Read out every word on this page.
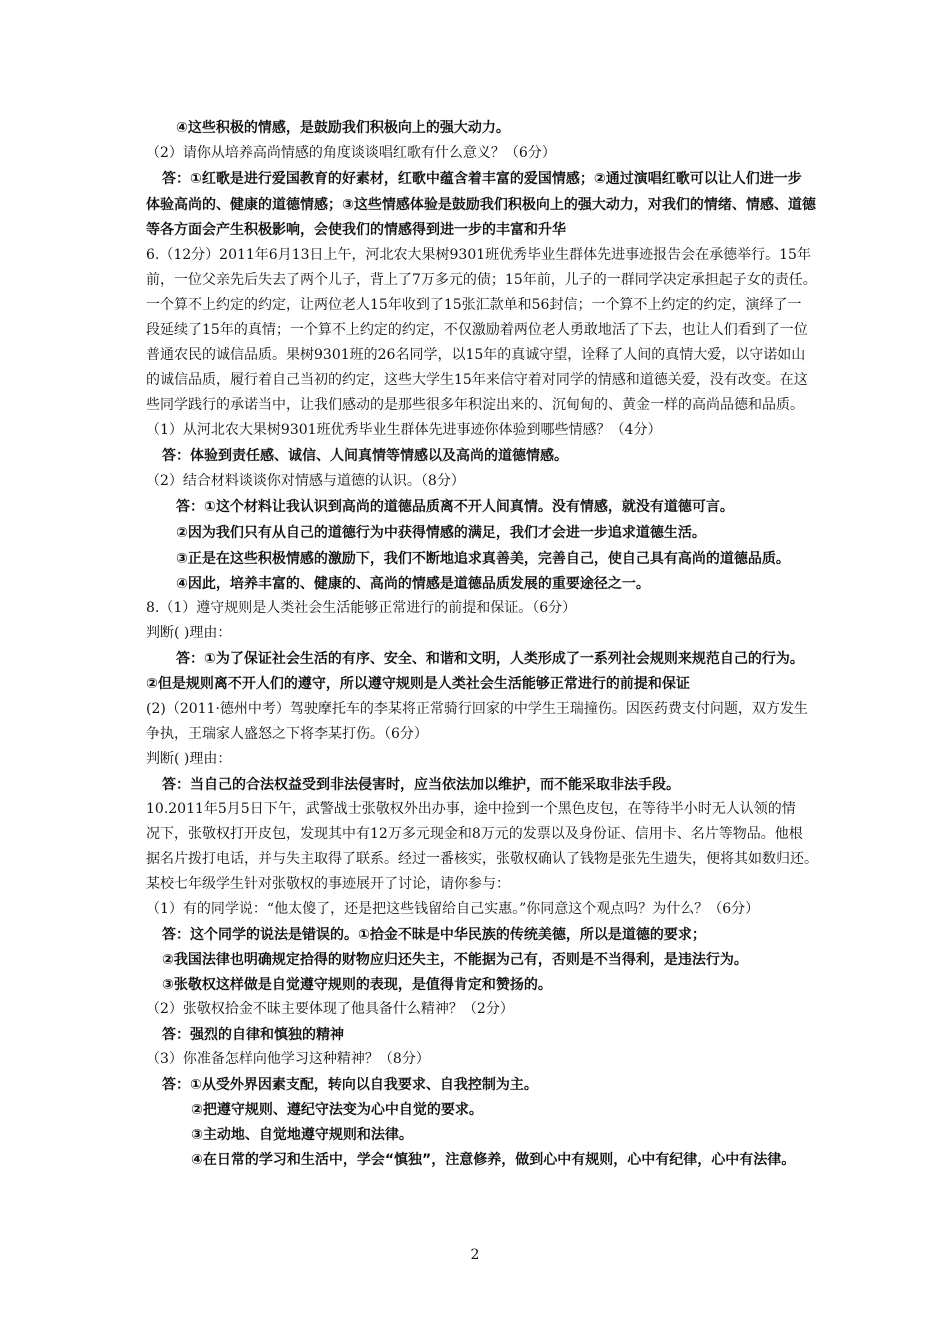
④这些积极的情感，是鼓励我们积极向上的强大动力。
（2）请你从培养高尚情感的角度谈谈唱红歌有什么意义？（6分）
答：①红歌是进行爱国教育的好素材，红歌中蕴含着丰富的爱国情感；②通过演唱红歌可以让人们进一步
体验高尚的、健康的道德情感；③这些情感体验是鼓励我们积极向上的强大动力，对我们的情绪、情感、道德
等各方面会产生积极影响，会使我们的情感得到进一步的丰富和升华
6.（12分）2011年6月13日上午，河北农大果树9301班优秀毕业生群体先进事迹报告会在承德举行。15年
前，一位父亲先后失去了两个儿子，背上了7万多元的债；15年前，儿子的一群同学决定承担起子女的责任。
一个算不上约定的约定，让两位老人15年收到了15张汇款单和56封信；一个算不上约定的约定，演绎了一
段延续了15年的真情；一个算不上约定的约定，不仅激励着两位老人勇敢地活了下去，也让人们看到了一位
普通农民的诚信品质。果树9301班的26名同学，以15年的真诚守望，诠释了人间的真情大爱，以守诺如山
的诚信品质，履行着自己当初的约定，这些大学生15年来信守着对同学的情感和道德关爱，没有改变。在这
些同学践行的承诺当中，让我们感动的是那些很多年积淀出来的、沉甸甸的、黄金一样的高尚品德和品质。
（1）从河北农大果树9301班优秀毕业生群体先进事迹你体验到哪些情感？（4分）
答：体验到责任感、诚信、人间真情等情感以及高尚的道德情感。
（2）结合材料谈谈你对情感与道德的认识。（8分）
答：①这个材料让我认识到高尚的道德品质离不开人间真情。没有情感，就没有道德可言。
②因为我们只有从自己的道德行为中获得情感的满足，我们才会进一步追求道德生活。
③正是在这些积极情感的激励下，我们不断地追求真善美，完善自己，使自己具有高尚的道德品质。
④因此，培养丰富的、健康的、高尚的情感是道德品质发展的重要途径之一。
8.（1）遵守规则是人类社会生活能够正常进行的前提和保证。（6分）
判断( )理由：
答：①为了保证社会生活的有序、安全、和谐和文明，人类形成了一系列社会规则来规范自己的行为。
②但是规则离不开人们的遵守，所以遵守规则是人类社会生活能够正常进行的前提和保证
(2)（2011·德州中考）驾驶摩托车的李某将正常骑行回家的中学生王瑞撞伤。因医药费支付问题，双方发生
争执，王瑞家人盛怒之下将李某打伤。（6分）
判断( )理由：
答：当自己的合法权益受到非法侵害时，应当依法加以维护，而不能采取非法手段。
10.2011年5月5日下午，武警战士张敬权外出办事，途中捡到一个黑色皮包，在等待半小时无人认领的情
况下，张敬权打开皮包，发现其中有12万多元现金和8万元的发票以及身份证、信用卡、名片等物品。他根
据名片拨打电话，并与失主取得了联系。经过一番核实，张敬权确认了钱物是张先生遗失，便将其如数归还。
某校七年级学生针对张敬权的事迹展开了讨论，请你参与：
（1）有的同学说：“他太傻了，还是把这些钱留给自己实惠。”你同意这个观点吗？为什么？（6分）
答：这个同学的说法是错误的。①拾金不昧是中华民族的传统美德，所以是道德的要求；
②我国法律也明确规定拾得的财物应归还失主，不能据为己有，否则是不当得利，是违法行为。
③张敬权这样做是自觉遵守规则的表现，是值得肯定和赞扬的。
（2）张敬权拾金不昧主要体现了他具备什么精神？（2分）
答：强烈的自律和慎独的精神
（3）你准备怎样向他学习这种精神？（8分）
答：①从受外界因素支配，转向以自我要求、自我控制为主。
②把遵守规则、遵纪守法变为心中自觉的要求。
③主动地、自觉地遵守规则和法律。
④在日常的学习和生活中，学会“慎独”，注意修养，做到心中有规则，心中有纪律，心中有法律。
2
